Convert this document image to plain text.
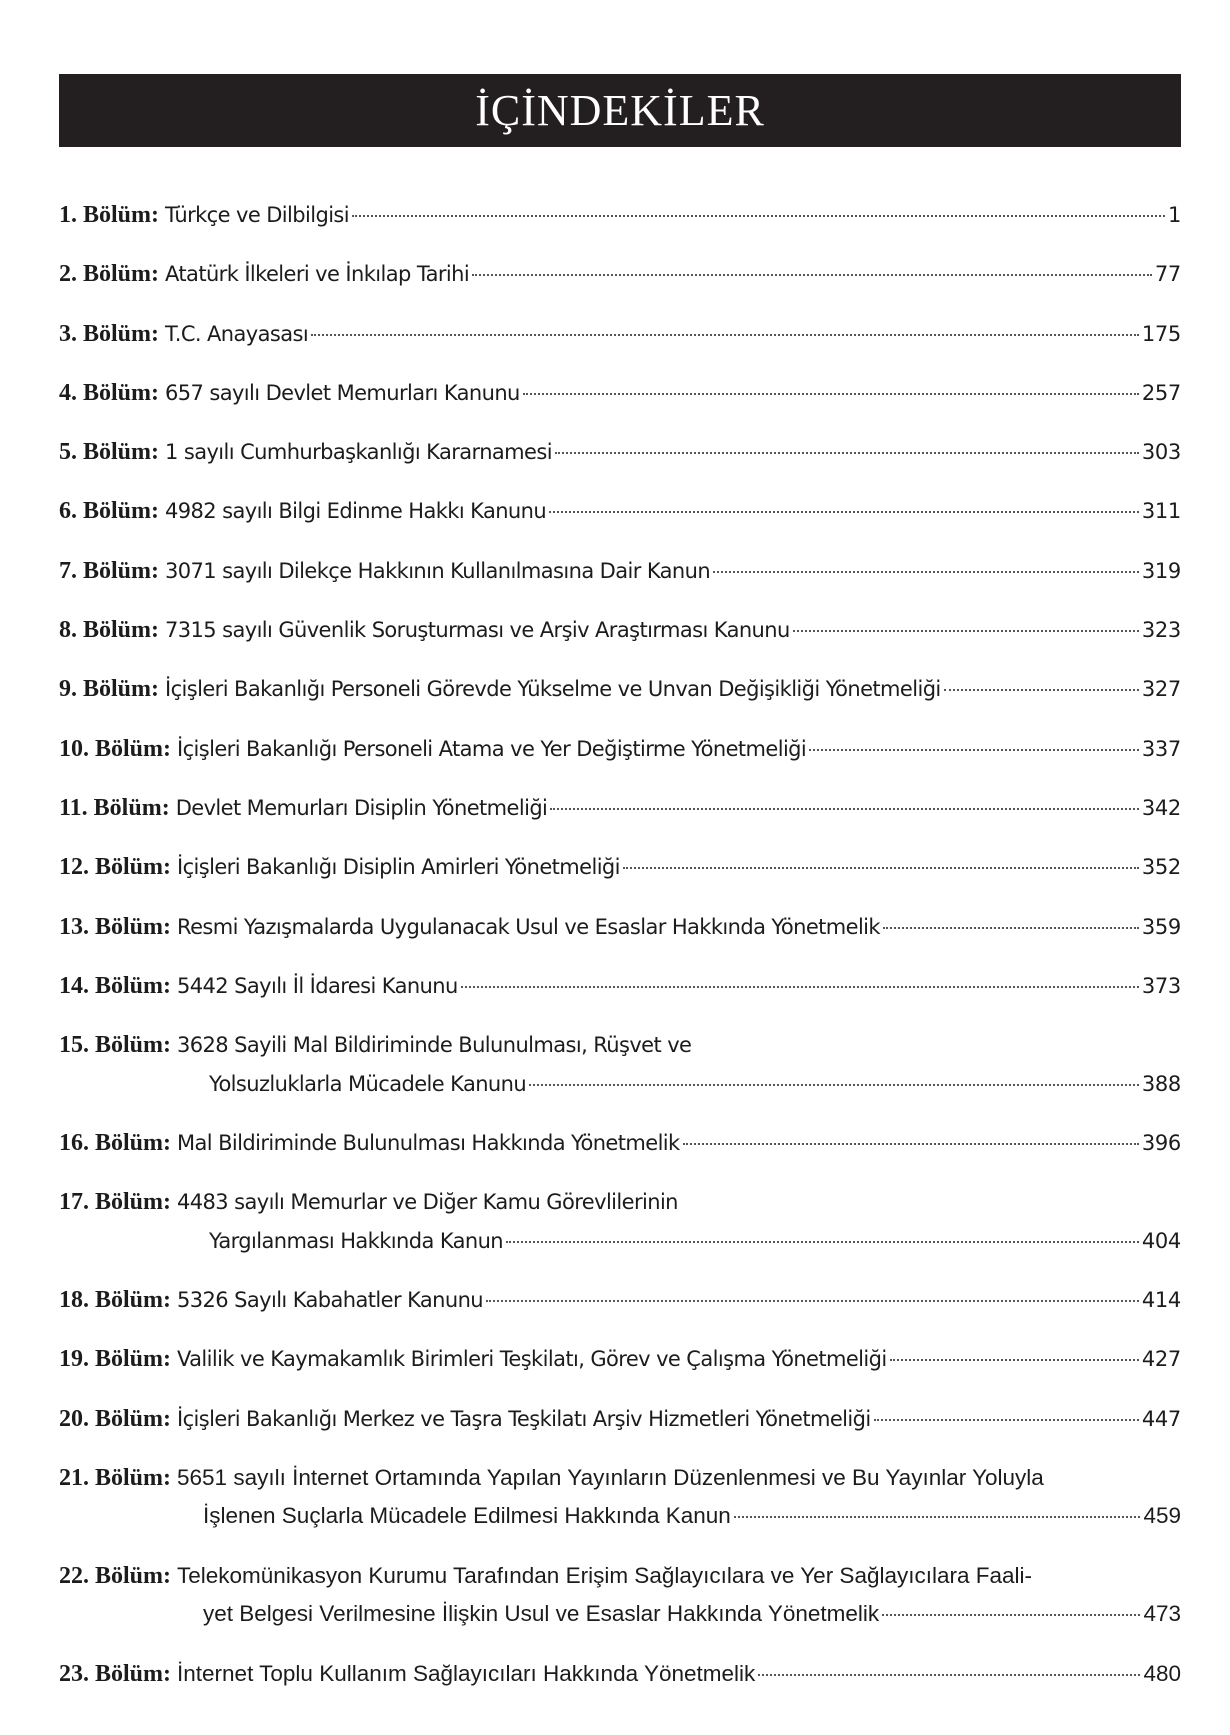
İÇİNDEKİLER
1. Bölüm: Türkçe ve Dilbilgisi	1
2. Bölüm: Atatürk İlkeleri ve İnkılap Tarihi	77
3. Bölüm: T.C. Anayasası	175
4. Bölüm: 657 sayılı Devlet Memurları Kanunu	257
5. Bölüm: 1 sayılı Cumhurbaşkanlığı Kararnamesi	303
6. Bölüm: 4982 sayılı Bilgi Edinme Hakkı Kanunu	311
7. Bölüm: 3071 sayılı Dilekçe Hakkının Kullanılmasına Dair Kanun	319
8. Bölüm: 7315 sayılı Güvenlik Soruşturması ve Arşiv Araştırması Kanunu	323
9. Bölüm: İçişleri Bakanlığı Personeli Görevde Yükselme ve Unvan Değişikliği Yönetmeliği	327
10. Bölüm: İçişleri Bakanlığı Personeli Atama ve Yer Değiştirme Yönetmeliği	337
11. Bölüm: Devlet Memurları Disiplin Yönetmeliği	342
12. Bölüm: İçişleri Bakanlığı Disiplin Amirleri Yönetmeliği	352
13. Bölüm: Resmi Yazışmalarda Uygulanacak Usul ve Esaslar Hakkında Yönetmelik	359
14. Bölüm: 5442 Sayılı İl İdaresi Kanunu	373
15. Bölüm: 3628 Sayili Mal Bildiriminde Bulunulması, Rüşvet ve
Yolsuzluklarla Mücadele Kanunu	388
16. Bölüm: Mal Bildiriminde Bulunulması Hakkında Yönetmelik	396
17. Bölüm: 4483 sayılı Memurlar ve Diğer Kamu Görevlilerinin
Yargılanması Hakkında Kanun	404
18. Bölüm: 5326 Sayılı Kabahatler Kanunu	414
19. Bölüm: Valilik ve Kaymakamlık Birimleri Teşkilatı, Görev ve Çalışma Yönetmeliği	427
20. Bölüm: İçişleri Bakanlığı Merkez ve Taşra Teşkilatı Arşiv Hizmetleri Yönetmeliği	447
21. Bölüm: 5651 sayılı İnternet Ortamında Yapılan Yayınların Düzenlenmesi ve Bu Yayınlar Yoluyla
İşlenen Suçlarla Mücadele Edilmesi Hakkında Kanun	459
22. Bölüm: Telekomünikasyon Kurumu Tarafından Erişim Sağlayıcılara ve Yer Sağlayıcılara Faali-
yet Belgesi Verilmesine İlişkin Usul ve Esaslar Hakkında Yönetmelik	473
23. Bölüm: İnternet Toplu Kullanım Sağlayıcıları Hakkında Yönetmelik	480
